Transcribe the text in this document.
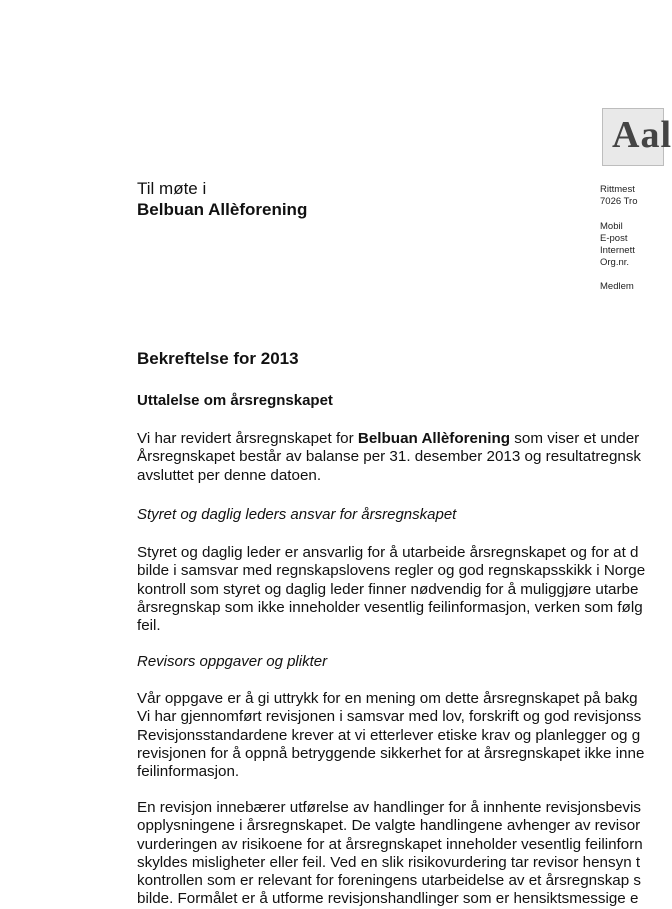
Aal
Til møte i
Belbuan Allèforening
Rittmest
7026 Tro
Mobil
E-post
Internett
Org.nr.
Medlem
Bekreftelse for 2013
Uttalelse om årsregnskapet
Vi har revidert årsregnskapet for Belbuan Allèforening som viser et under
Årsregnskapet består av balanse per 31. desember 2013 og resultatregnsk
avsluttet per denne datoen.
Styret og daglig leders ansvar for årsregnskapet
Styret og daglig leder er ansvarlig for å utarbeide årsregnskapet og for at d
bilde i samsvar med regnskapslovens regler og god regnskapsskikk i Norge
kontroll som styret og daglig leder finner nødvendig for å muliggjøre utarbe
årsregnskap som ikke inneholder vesentlig feilinformasjon, verken som følg
feil.
Revisors oppgaver og plikter
Vår oppgave er å gi uttrykk for en mening om dette årsregnskapet på bakg
Vi har gjennomført revisjonen i samsvar med lov, forskrift og god revisjonss
Revisjonsstandardene krever at vi etterlever etiske krav og planlegger og g
revisjonen for å oppnå betryggende sikkerhet for at årsregnskapet ikke inne
feilinformasjon.
En revisjon innebærer utførelse av handlinger for å innhente revisjonsbevis
opplysningene i årsregnskapet. De valgte handlingene avhenger av revisor
vurderingen av risikoene for at årsregnskapet inneholder vesentlig feilinforn
skyldes misligheter eller feil. Ved en slik risikovurdering tar revisor hensyn t
kontrollen som er relevant for foreningens utarbeidelse av et årsregnskap s
bilde. Formålet er å utforme revisjonshandlinger som er hensiktsmessige e
